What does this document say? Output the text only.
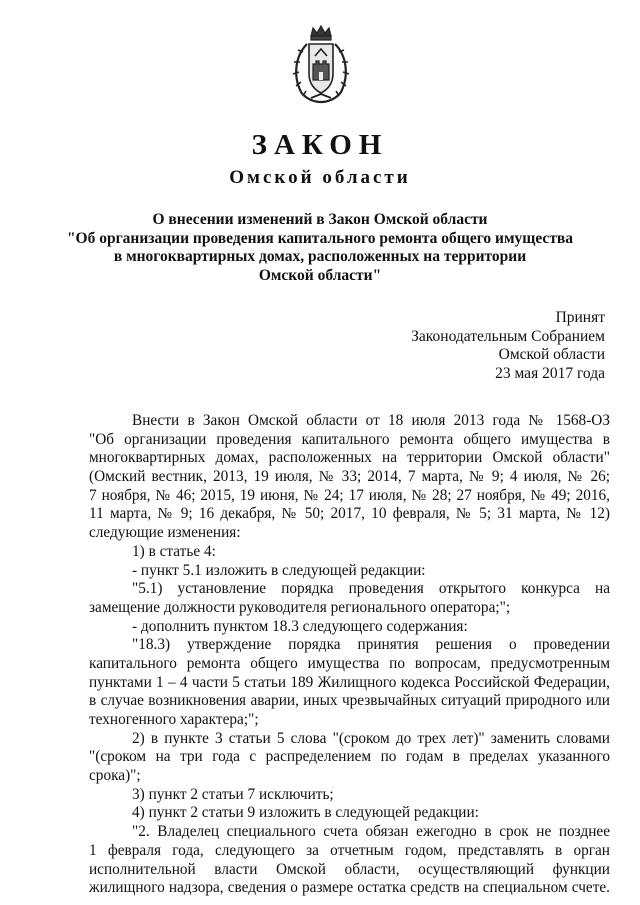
ЗАКОН
Омской области
О внесении изменений в Закон Омской области
"Об организации проведения капитального ремонта общего имущества
в многоквартирных домах, расположенных на территории
Омской области"
Принят
Законодательным Собранием
Омской области
23 мая 2017 года
Внести в Закон Омской области от 18 июля 2013 года № 1568-ОЗ
"Об организации проведения капитального ремонта общего имущества в
многоквартирных домах, расположенных на территории Омской области"
(Омский вестник, 2013, 19 июля, № 33; 2014, 7 марта, № 9; 4 июля, № 26;
7 ноября, № 46; 2015, 19 июня, № 24; 17 июля, № 28; 27 ноября, № 49; 2016,
11 марта, № 9; 16 декабря, № 50; 2017, 10 февраля, № 5; 31 марта, № 12)
следующие изменения:
1) в статье 4:
- пункт 5.1 изложить в следующей редакции:
"5.1) установление порядка проведения открытого конкурса на
замещение должности руководителя регионального оператора;";
- дополнить пунктом 18.3 следующего содержания:
"18.3) утверждение порядка принятия решения о проведении
капитального ремонта общего имущества по вопросам, предусмотренным
пунктами 1 – 4 части 5 статьи 189 Жилищного кодекса Российской Федерации,
в случае возникновения аварии, иных чрезвычайных ситуаций природного или
техногенного характера;";
2) в пункте 3 статьи 5 слова "(сроком до трех лет)" заменить словами
"(сроком на три года с распределением по годам в пределах указанного
срока)";
3) пункт 2 статьи 7 исключить;
4) пункт 2 статьи 9 изложить в следующей редакции:
"2. Владелец специального счета обязан ежегодно в срок не позднее
1 февраля года, следующего за отчетным годом, представлять в орган
исполнительной власти Омской области, осуществляющий функции
жилищного надзора, сведения о размере остатка средств на специальном счете.
